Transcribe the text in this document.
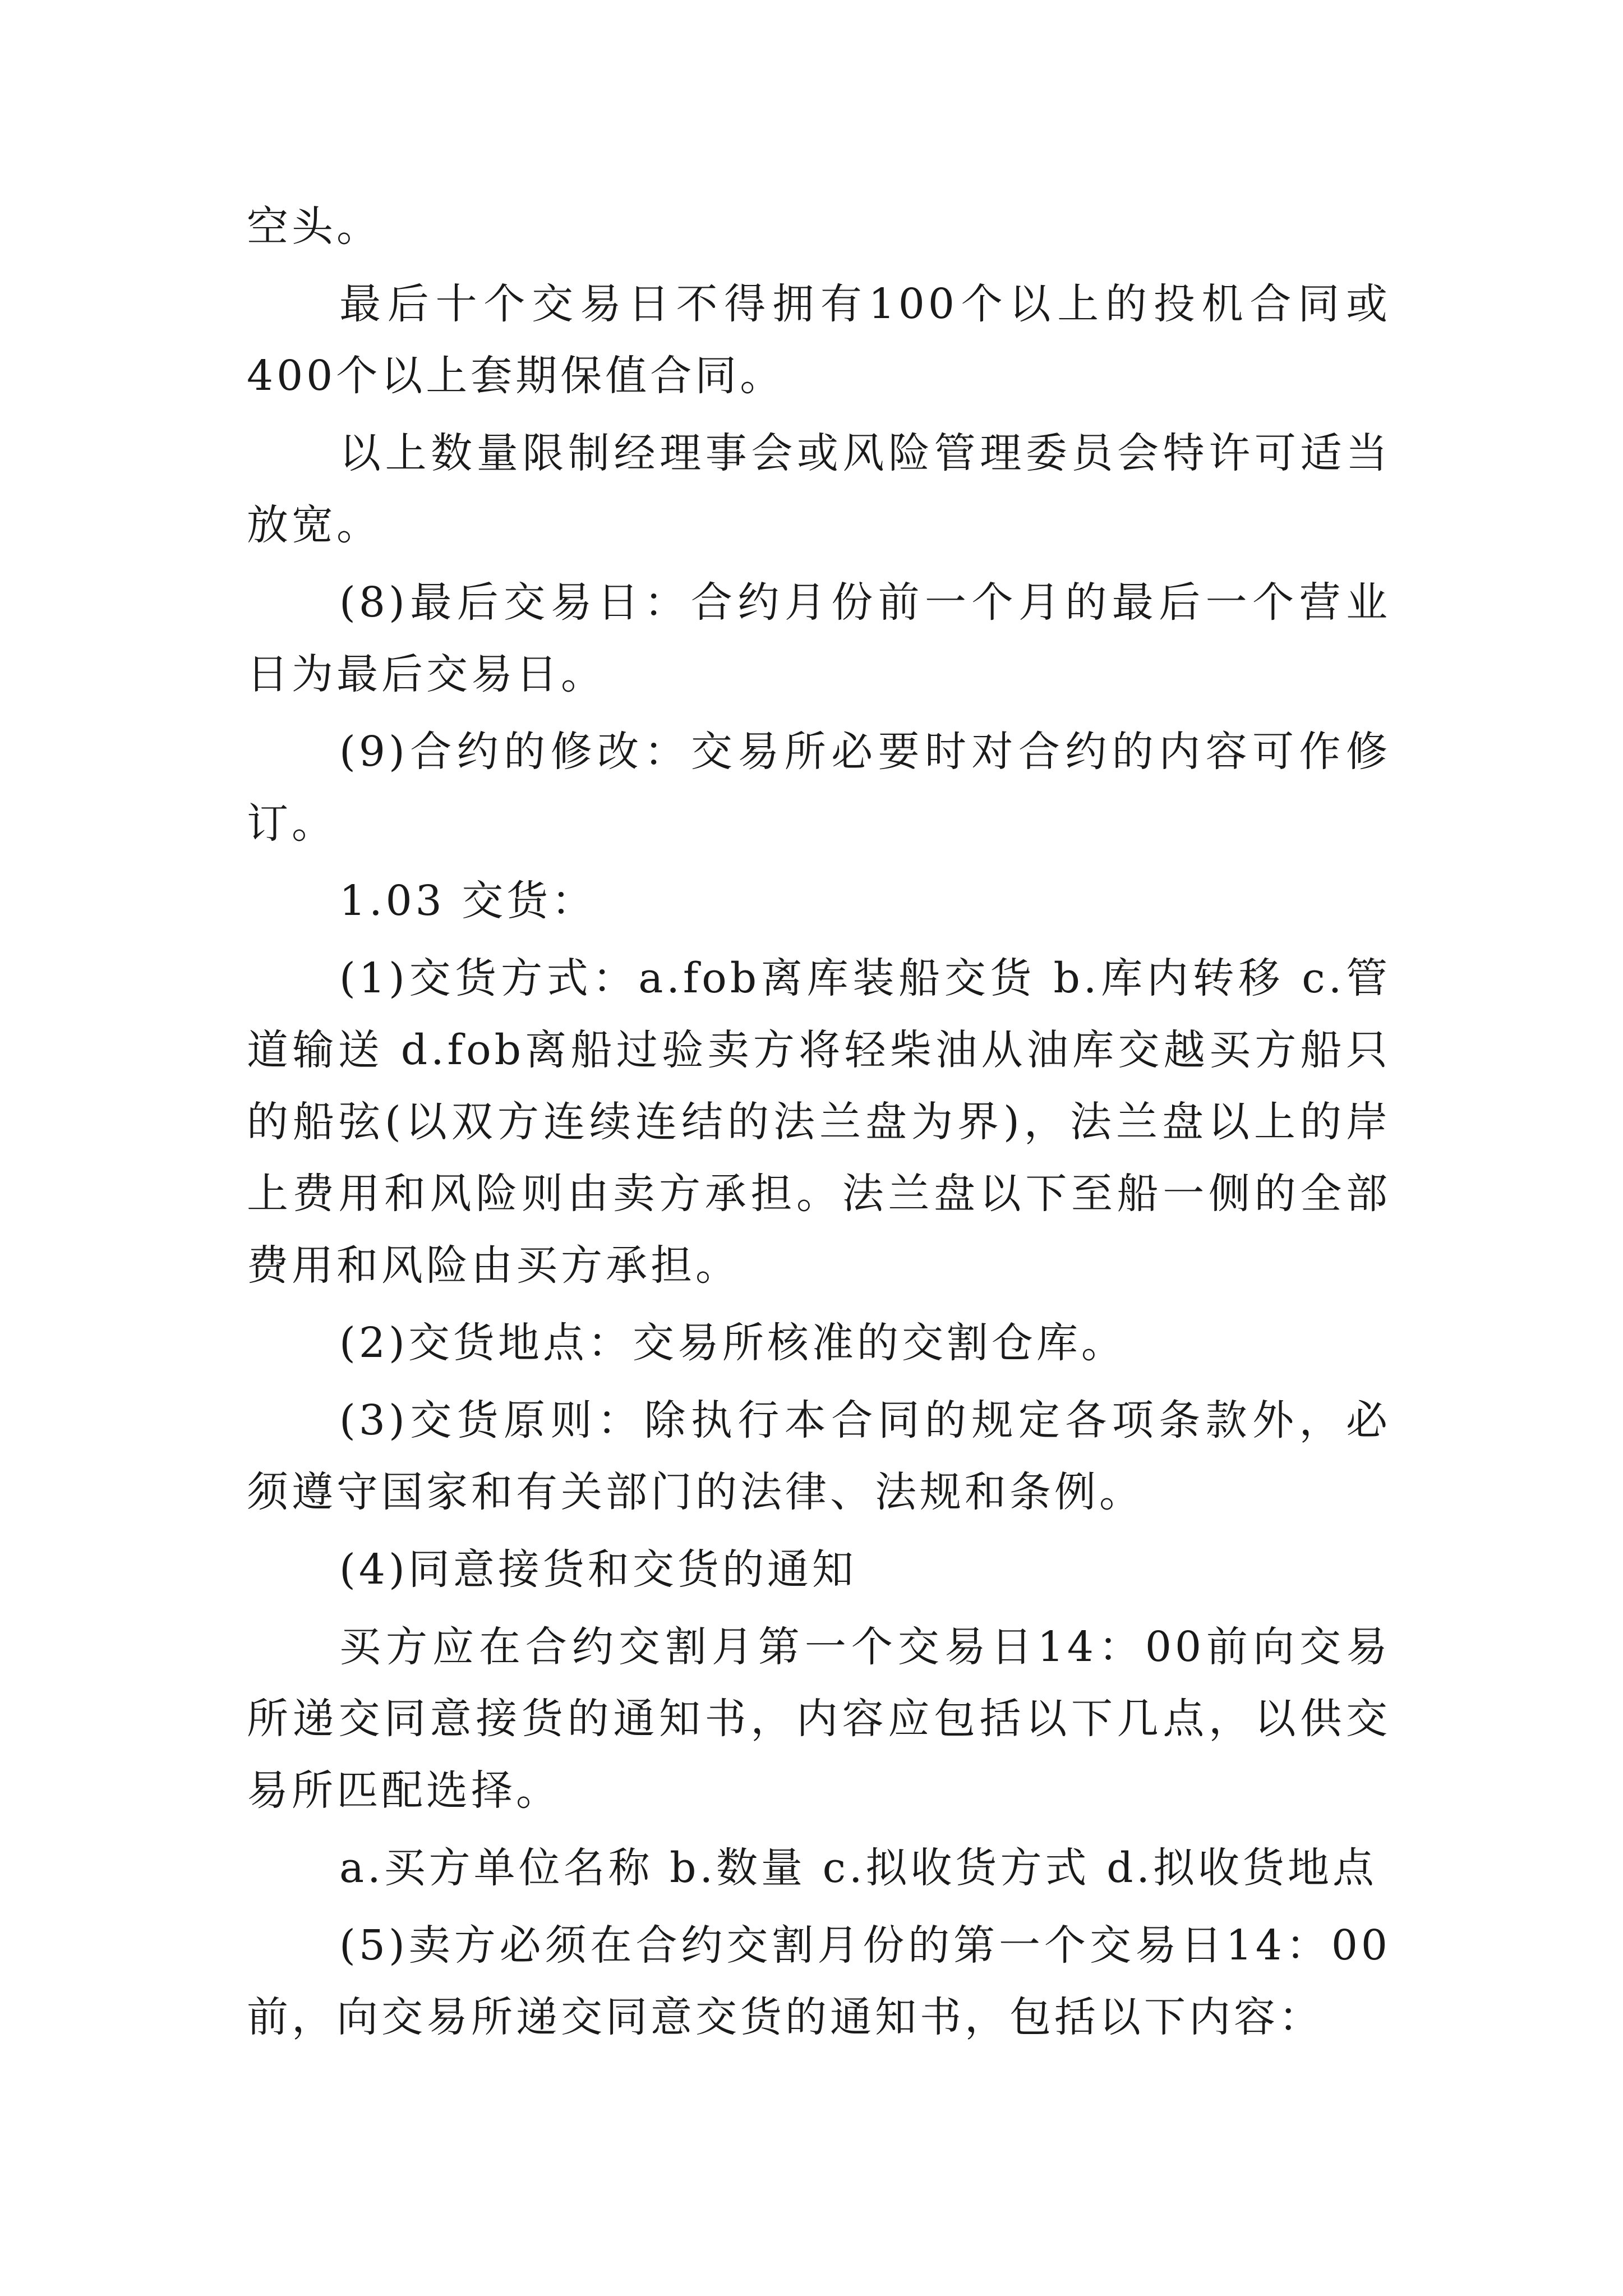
空头。

最后十个交易日不得拥有100个以上的投机合同或400个以上套期保值合同。

以上数量限制经理事会或风险管理委员会特许可适当放宽。

(8)最后交易日：合约月份前一个月的最后一个营业日为最后交易日。

(9)合约的修改：交易所必要时对合约的内容可作修订。

1.03 交货：

(1)交货方式：a.fob离库装船交货 b.库内转移 c.管道输送 d.fob离船过验卖方将轻柴油从油库交越买方船只的船弦(以双方连续连结的法兰盘为界)，法兰盘以上的岸上费用和风险则由卖方承担。法兰盘以下至船一侧的全部费用和风险由买方承担。

(2)交货地点：交易所核准的交割仓库。

(3)交货原则：除执行本合同的规定各项条款外，必须遵守国家和有关部门的法律、法规和条例。

(4)同意接货和交货的通知

买方应在合约交割月第一个交易日14：00前向交易所递交同意接货的通知书，内容应包括以下几点，以供交易所匹配选择。

a.买方单位名称 b.数量 c.拟收货方式 d.拟收货地点

(5)卖方必须在合约交割月份的第一个交易日14：00前，向交易所递交同意交货的通知书，包括以下内容：
